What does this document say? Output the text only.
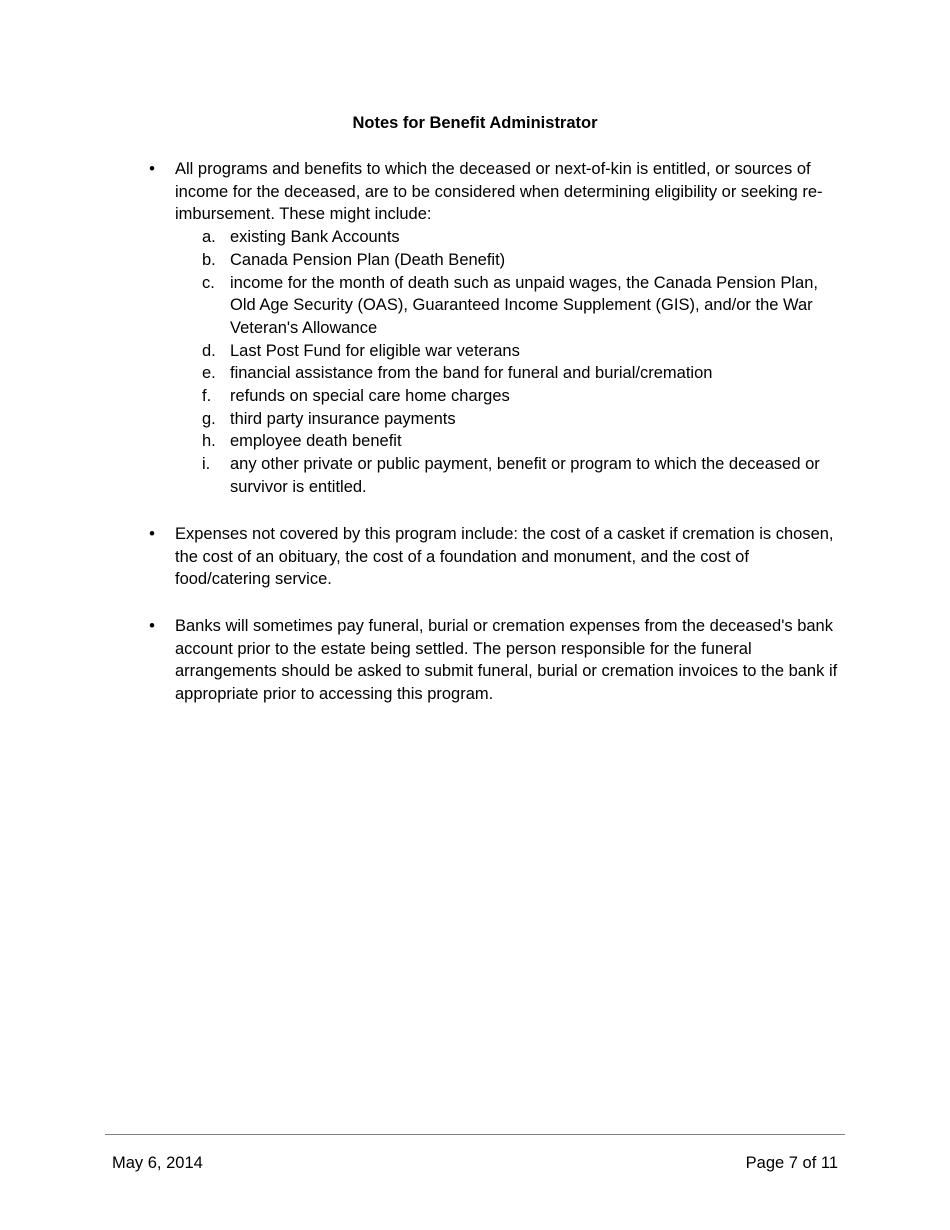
Notes for Benefit Administrator
• All programs and benefits to which the deceased or next-of-kin is entitled, or sources of income for the deceased, are to be considered when determining eligibility or seeking re-imbursement. These might include:
a. existing Bank Accounts
b. Canada Pension Plan (Death Benefit)
c. income for the month of death such as unpaid wages, the Canada Pension Plan, Old Age Security (OAS), Guaranteed Income Supplement (GIS), and/or the War Veteran's Allowance
d. Last Post Fund for eligible war veterans
e. financial assistance from the band for funeral and burial/cremation
f. refunds on special care home charges
g. third party insurance payments
h. employee death benefit
i. any other private or public payment, benefit or program to which the deceased or survivor is entitled.
• Expenses not covered by this program include: the cost of a casket if cremation is chosen, the cost of an obituary, the cost of a foundation and monument, and the cost of food/catering service.
• Banks will sometimes pay funeral, burial or cremation expenses from the deceased's bank account prior to the estate being settled. The person responsible for the funeral arrangements should be asked to submit funeral, burial or cremation invoices to the bank if appropriate prior to accessing this program.
May 6, 2014	Page 7 of 11
